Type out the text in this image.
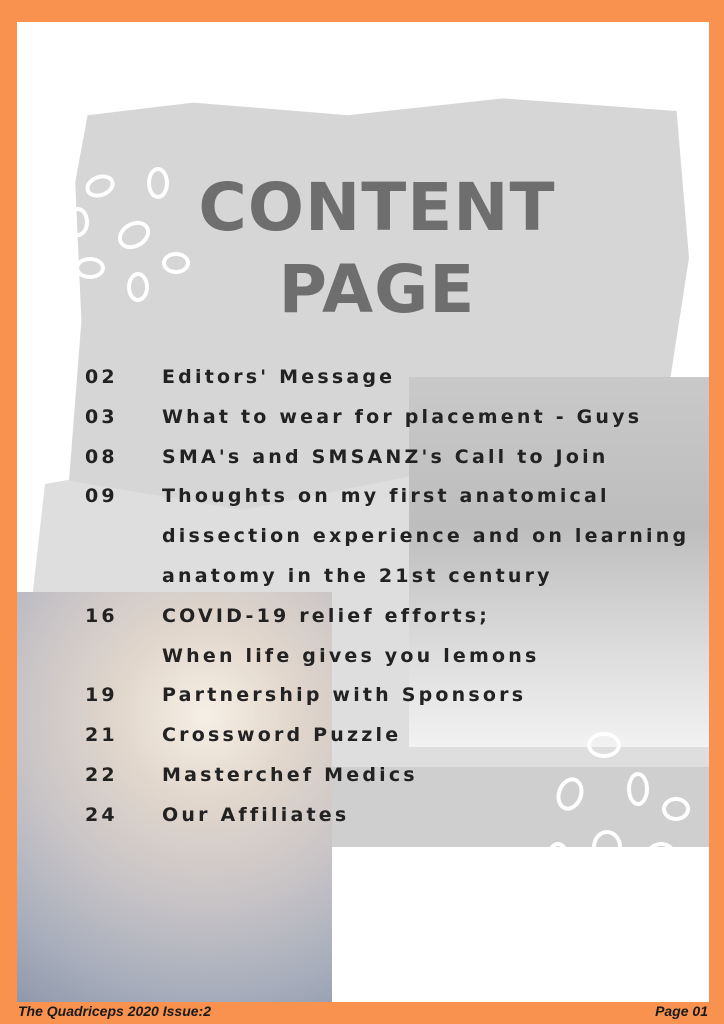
CONTENT
PAGE
02	Editors' Message
03	What to wear for placement - Guys
08	SMA's and SMSANZ's Call to Join
09	Thoughts on my first anatomical
dissection experience and on learning
anatomy in the 21st century
16	COVID-19 relief efforts;
When life gives you lemons
19	Partnership with Sponsors
21	Crossword Puzzle
22	Masterchef Medics
24	Our Affiliates
The Quadriceps 2020 Issue:2	Page 01
